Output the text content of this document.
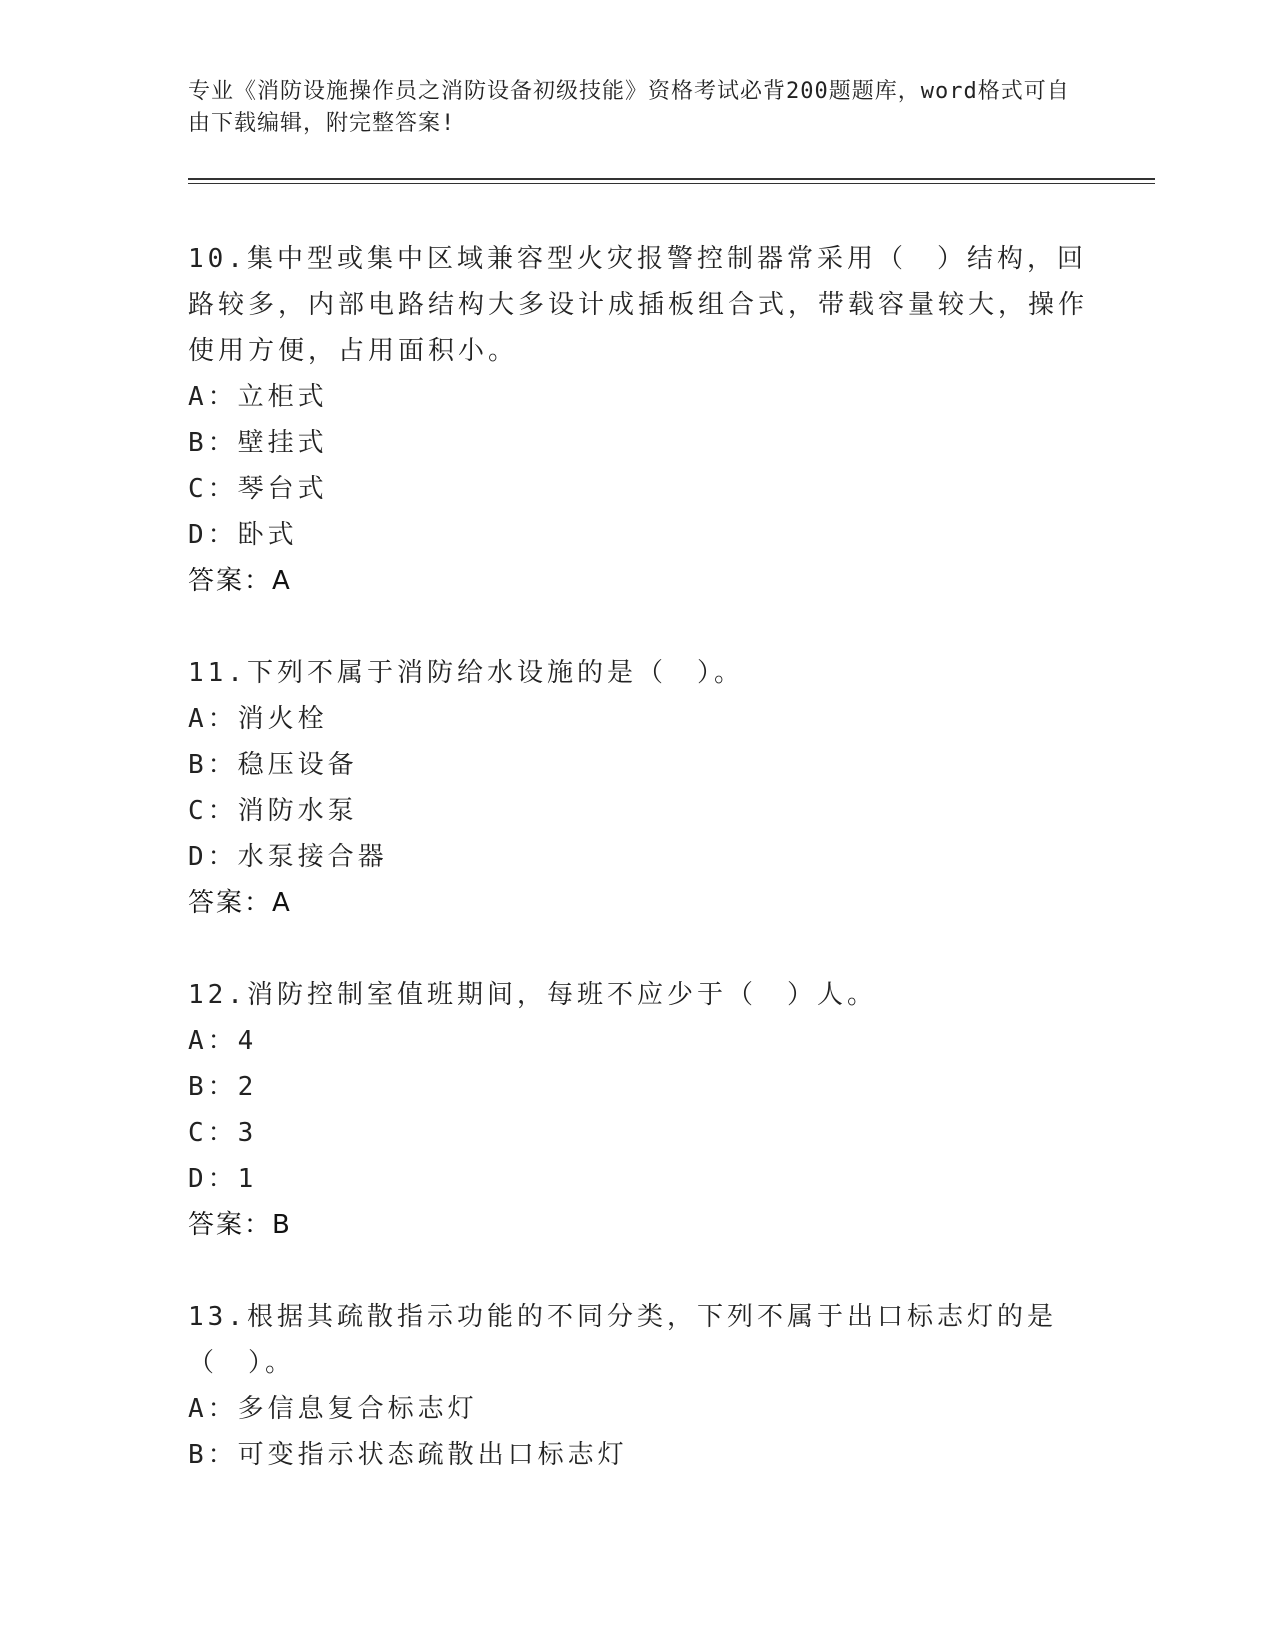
专业《消防设施操作员之消防设备初级技能》资格考试必背200题题库，word格式可自由下载编辑，附完整答案!
10.集中型或集中区域兼容型火灾报警控制器常采用（　）结构，回路较多，内部电路结构大多设计成插板组合式，带载容量较大，操作使用方便，占用面积小。
A：立柜式
B：壁挂式
C：琴台式
D：卧式
答案：A
11.下列不属于消防给水设施的是（　）。
A：消火栓
B：稳压设备
C：消防水泵
D：水泵接合器
答案：A
12.消防控制室值班期间，每班不应少于（　）人。
A：4
B：2
C：3
D：1
答案：B
13.根据其疏散指示功能的不同分类，下列不属于出口标志灯的是（　）。
A：多信息复合标志灯
B：可变指示状态疏散出口标志灯
